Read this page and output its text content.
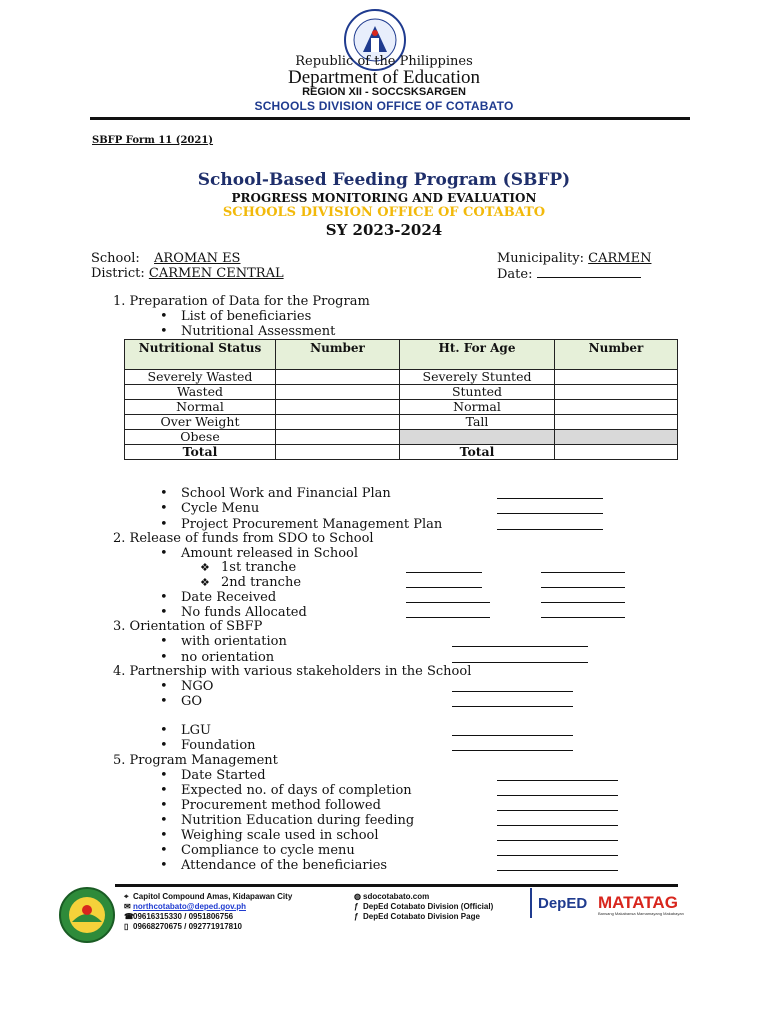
Republic of the Philippines
Department of Education
REGION XII - SOCCSKSARGEN
SCHOOLS DIVISION OFFICE OF COTABATO
SBFP Form 11 (2021)
School-Based Feeding Program (SBFP)
PROGRESS MONITORING AND EVALUATION
SCHOOLS DIVISION OFFICE OF COTABATO
SY 2023-2024
School: AROMAN ES
District: CARMEN CENTRAL
Municipality: CARMEN
Date:
1. Preparation of Data for the Program
• List of beneficiaries
• Nutritional Assessment
Nutritional Status	Number	Ht. For Age	Number
Severely Wasted		Severely Stunted	
Wasted		Stunted	
Normal		Normal	
Over Weight		Tall	
Obese			
Total		Total	
• School Work and Financial Plan
• Cycle Menu
• Project Procurement Management Plan
2. Release of funds from SDO to School
• Amount released in School
❖ 1st tranche
❖ 2nd tranche
• Date Received
• No funds Allocated
3. Orientation of SBFP
• with orientation
• no orientation
4. Partnership with various stakeholders in the School
• NGO
• GO
• LGU
• Foundation
5. Program Management
• Date Started
• Expected no. of days of completion
• Procurement method followed
• Nutrition Education during feeding
• Weighing scale used in school
• Compliance to cycle menu
• Attendance of the beneficiaries
⌖ Capitol Compound Amas, Kidapawan City
✉ northcotabato@deped.gov.ph
☎09616315330 / 0951806756
▯ 09668270675 / 092771917810
◍ sdocotabato.com
ƒ DepEd Cotabato Division (Official)
ƒ DepEd Cotabato Division Page
DepED MATATAG
Bansang Makabansa Mamamayang Makabayan
